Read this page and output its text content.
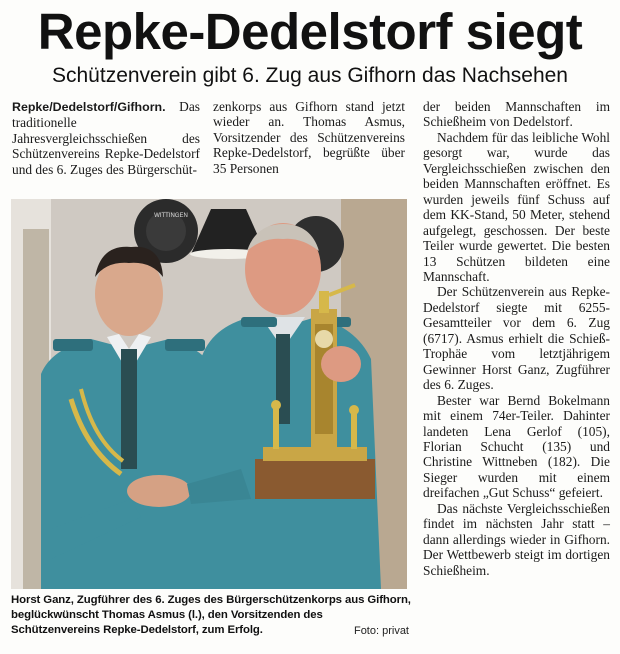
Repke-Dedelstorf siegt
Schützenverein gibt 6. Zug aus Gifhorn das Nachsehen

Repke/Dedelstorf/Gifhorn. Das traditionelle Jahresvergleichsschießen des Schützenvereins Repke-Dedelstorf und des 6. Zuges des Bürgerschüt-

zenkorps aus Gifhorn stand jetzt wieder an. Thomas Asmus, Vorsitzender des Schützenvereins Repke-Dedelstorf, begrüßte über 35 Personen

der beiden Mannschaften im Schießheim von Dedelstorf.

Nachdem für das leibliche Wohl gesorgt war, wurde das Vergleichsschießen zwischen den beiden Mannschaften eröffnet. Es wurden jeweils fünf Schuss auf dem KK-Stand, 50 Meter, stehend aufgelegt, geschossen. Der beste Teiler wurde gewertet. Die besten 13 Schützen bildeten eine Mannschaft.

Der Schützenverein aus Repke-Dedelstorf siegte mit 6255-Gesamtteiler vor dem 6. Zug (6717). Asmus erhielt die Schieß-Trophäe vom letztjährigem Gewinner Horst Ganz, Zugführer des 6. Zuges.

Bester war Bernd Bokelmann mit einem 74er-Teiler. Dahinter landeten Lena Gerlof (105), Florian Schucht (135) und Christine Wittneben (182). Die Sieger wurden mit einem dreifachen „Gut Schuss“ gefeiert.

Das nächste Vergleichsschießen findet im nächsten Jahr statt – dann allerdings wieder in Gifhorn. Der Wettbewerb steigt im dortigen Schießheim.

WITTINGEN
Horst Ganz, Zugführer des 6. Zuges des Bürgerschützenkorps aus Gifhorn, beglückwünscht Thomas Asmus (l.), den Vorsitzenden des Schützenvereins Repke-Dedelstorf, zum Erfolg.	Foto: privat
